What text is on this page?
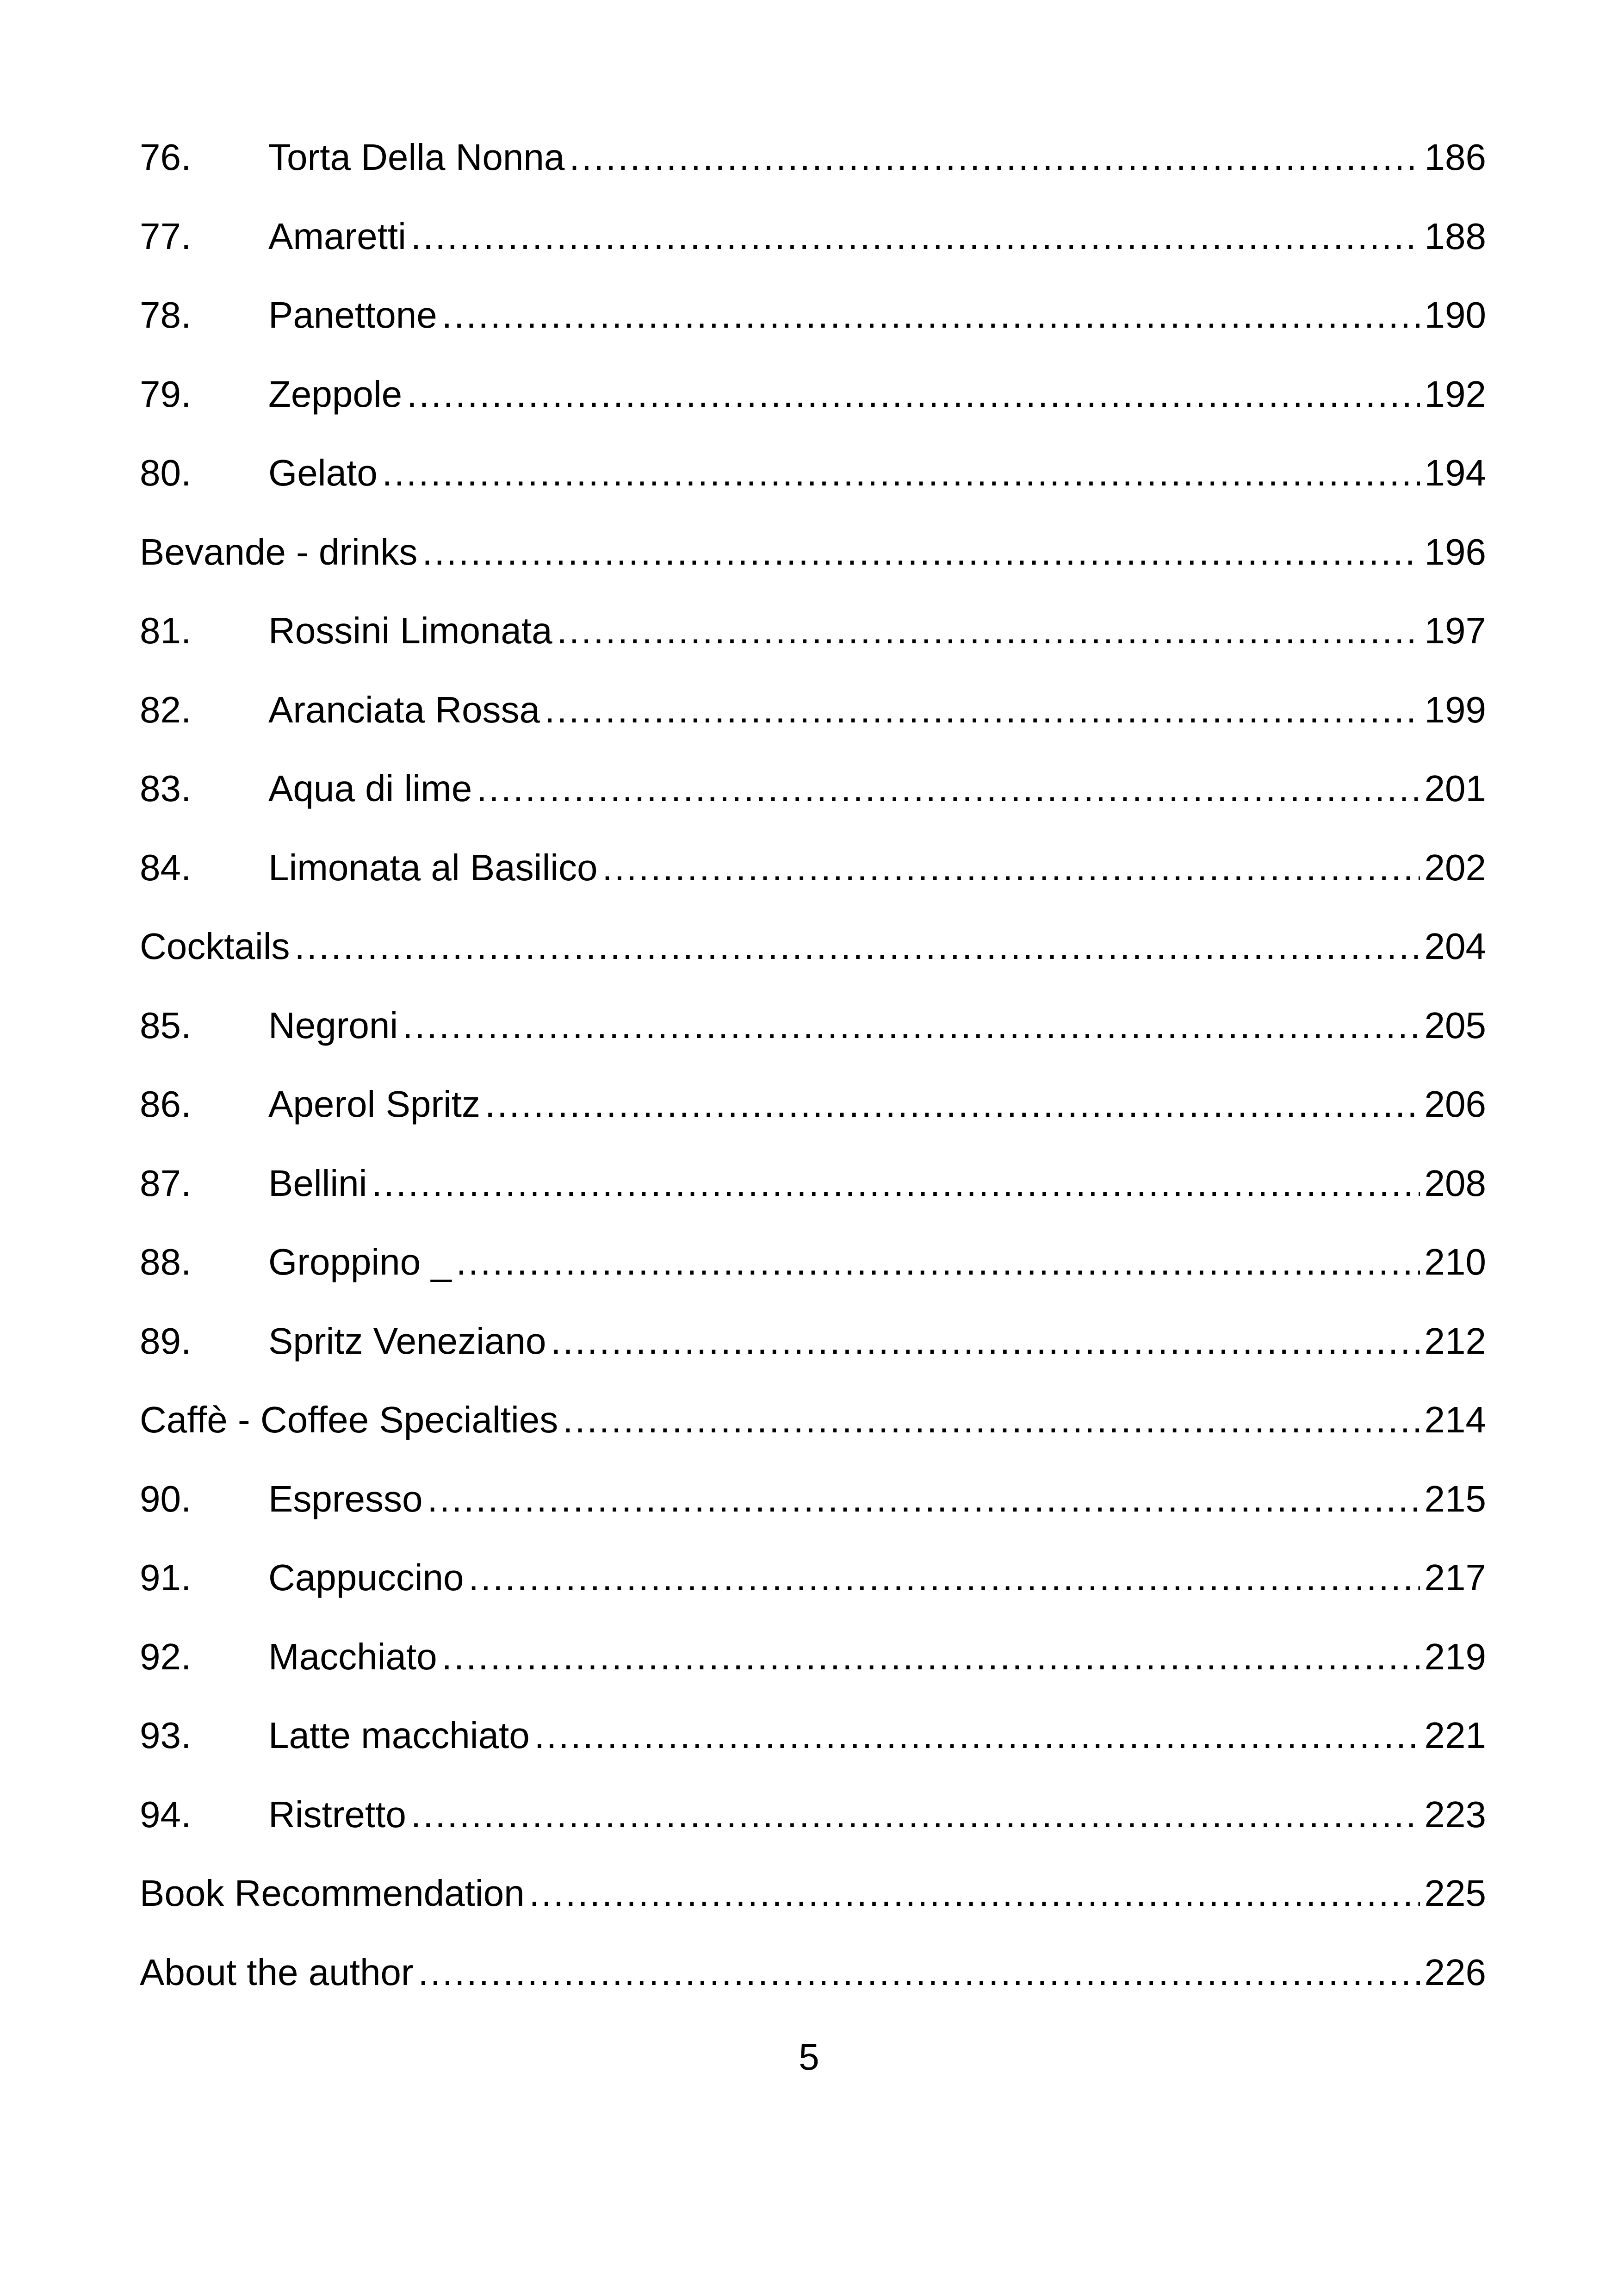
76.	Torta Della Nonna .....	186
77.	Amaretti .....	188
78.	Panettone .....	190
79.	Zeppole .....	192
80.	Gelato .....	194
Bevande - drinks .....	196
81.	Rossini Limonata .....	197
82.	Aranciata Rossa .....	199
83.	Aqua di lime .....	201
84.	Limonata al Basilico .....	202
Cocktails .....	204
85.	Negroni .....	205
86.	Aperol Spritz .....	206
87.	Bellini .....	208
88.	Groppino _ .....	210
89.	Spritz Veneziano .....	212
Caffè - Coffee Specialties .....	214
90.	Espresso .....	215
91.	Cappuccino .....	217
92.	Macchiato .....	219
93.	Latte macchiato .....	221
94.	Ristretto .....	223
Book Recommendation .....	225
About the author .....	226
5
